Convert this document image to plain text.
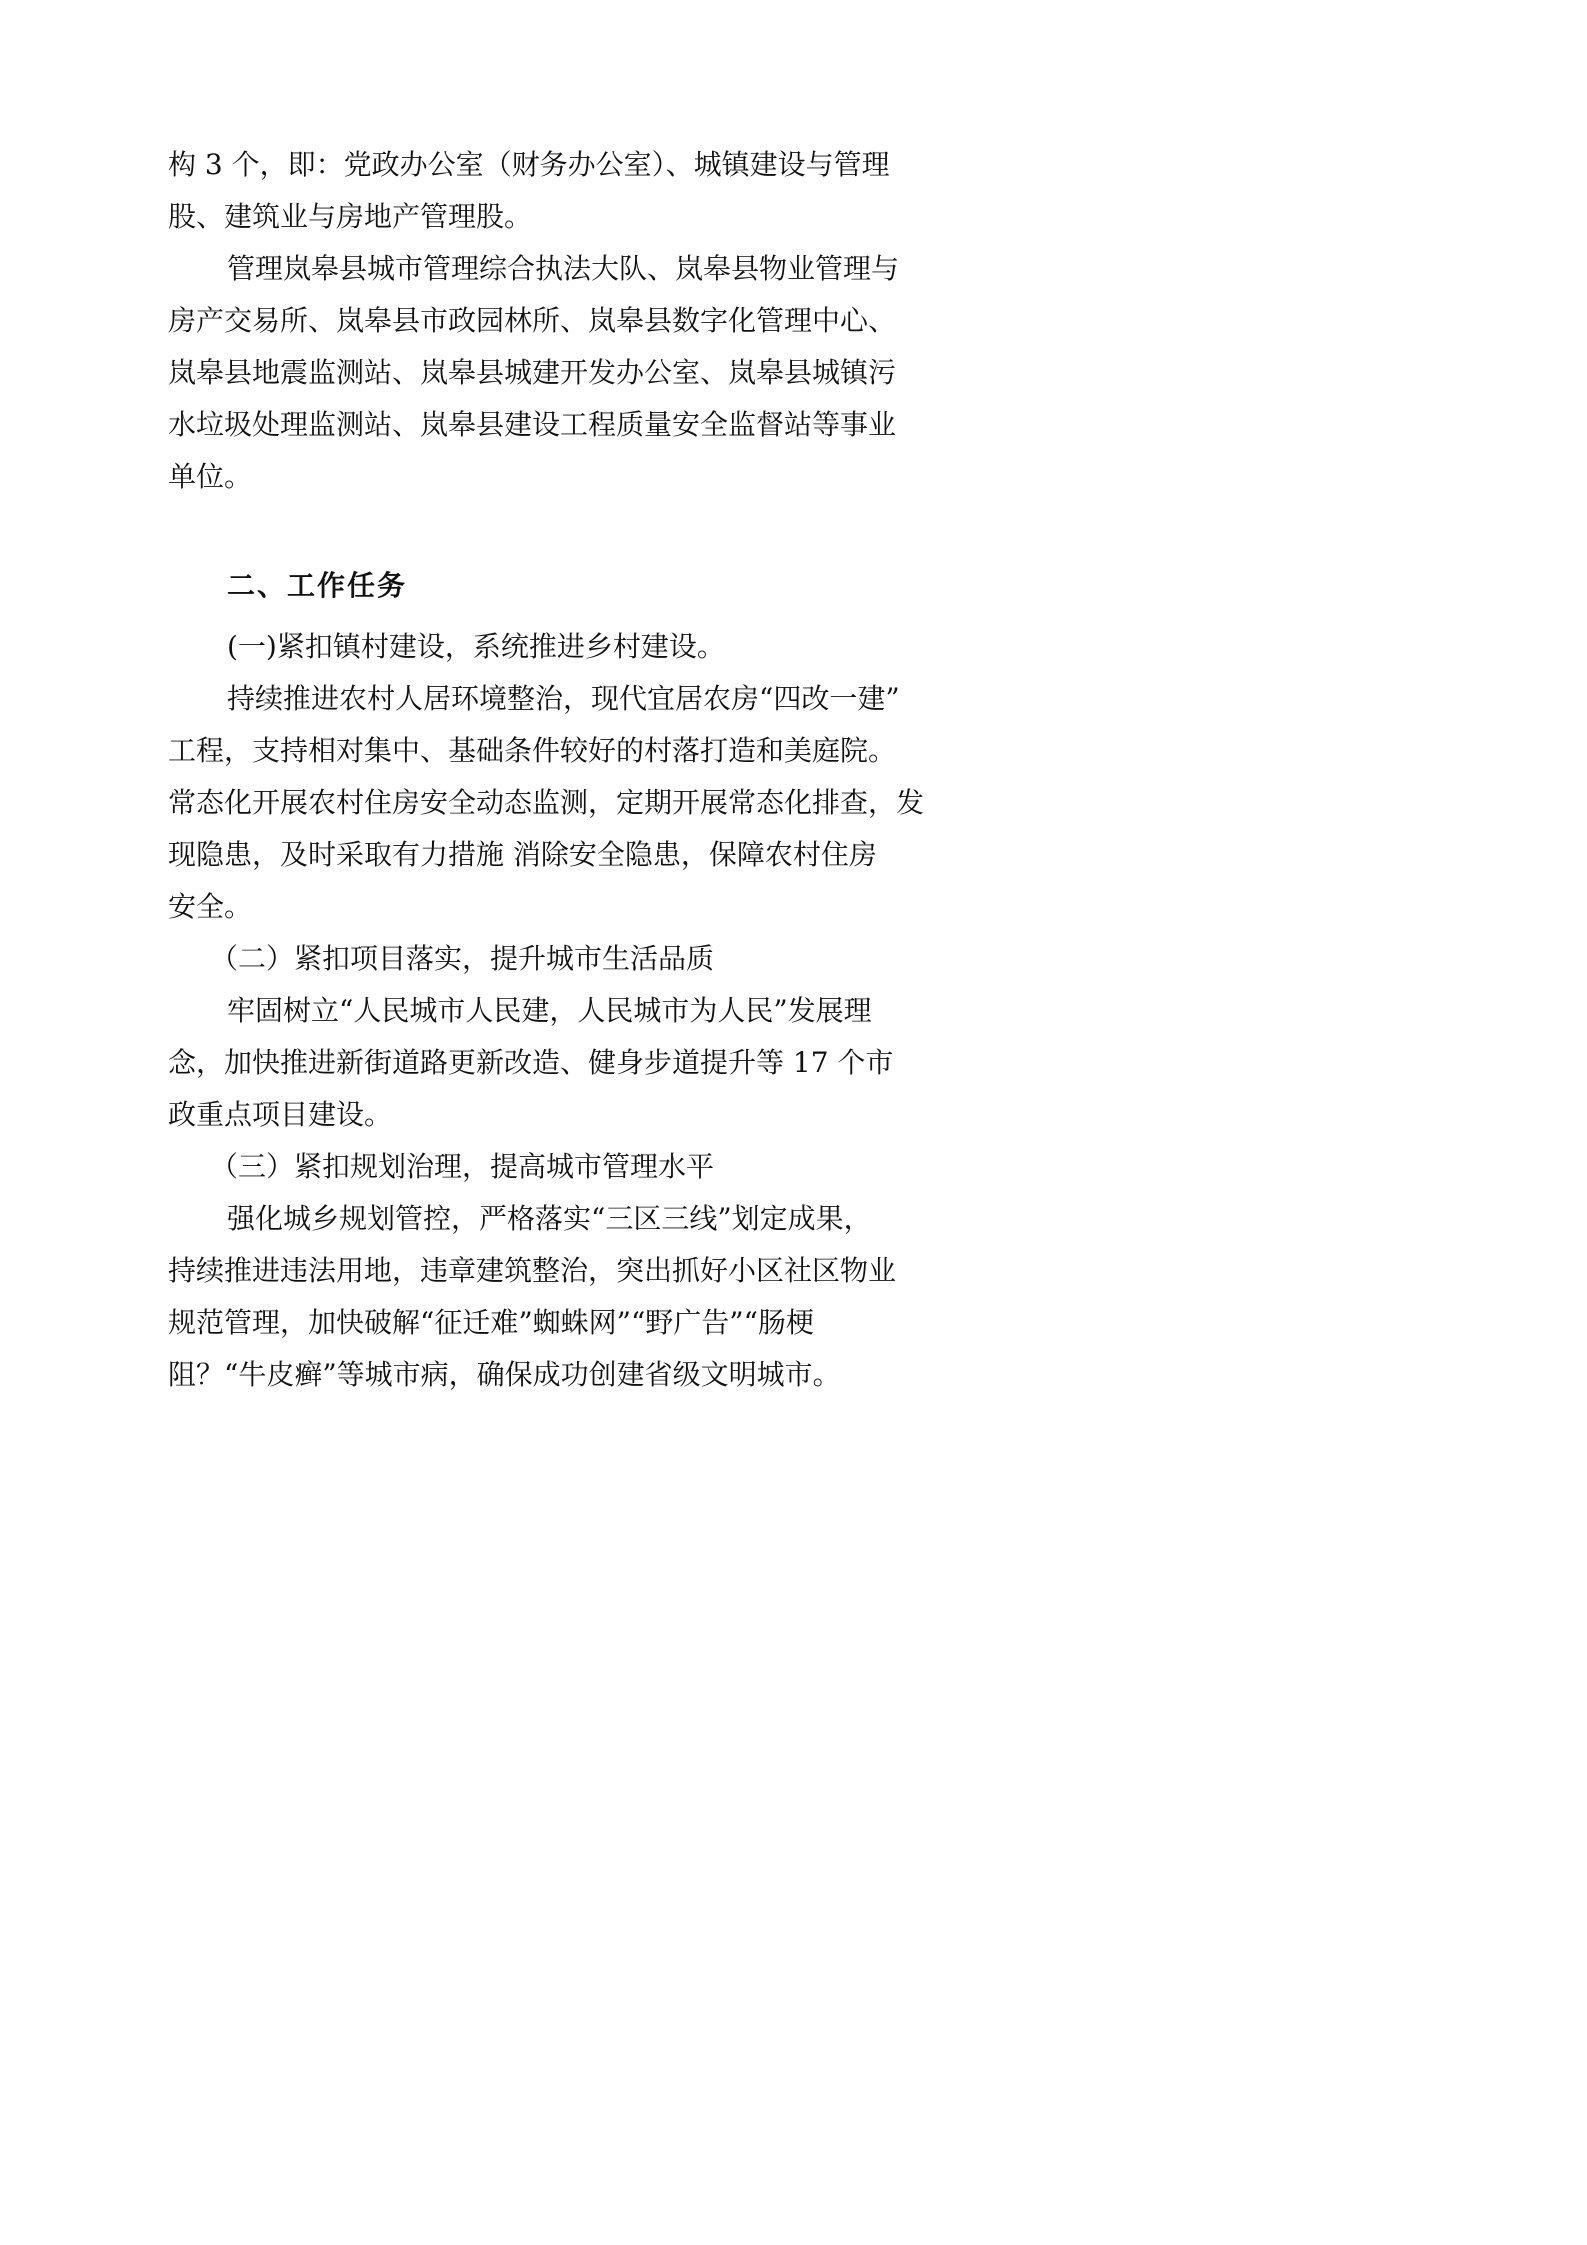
构 3 个，即：党政办公室（财务办公室）、城镇建设与管理
股、建筑业与房地产管理股。
管理岚皋县城市管理综合执法大队、岚皋县物业管理与
房产交易所、岚皋县市政园林所、岚皋县数字化管理中心、
岚皋县地震监测站、岚皋县城建开发办公室、岚皋县城镇污
水垃圾处理监测站、岚皋县建设工程质量安全监督站等事业
单位。
二、工作任务
(一)紧扣镇村建设，系统推进乡村建设。
持续推进农村人居环境整治，现代宜居农房“四改一建”
工程，支持相对集中、基础条件较好的村落打造和美庭院。
常态化开展农村住房安全动态监测，定期开展常态化排查，发
现隐患，及时采取有力措施 消除安全隐患，保障农村住房
安全。
（二）紧扣项目落实，提升城市生活品质
牢固树立“人民城市人民建，人民城市为人民”发展理
念，加快推进新街道路更新改造、健身步道提升等 17 个市
政重点项目建设。
（三）紧扣规划治理，提高城市管理水平
强化城乡规划管控，严格落实“三区三线”划定成果，
持续推进违法用地，违章建筑整治，突出抓好小区社区物业
规范管理，加快破解“征迁难”蜘蛛网”“野广告”“肠梗
阻？“牛皮癣”等城市病，确保成功创建省级文明城市。
